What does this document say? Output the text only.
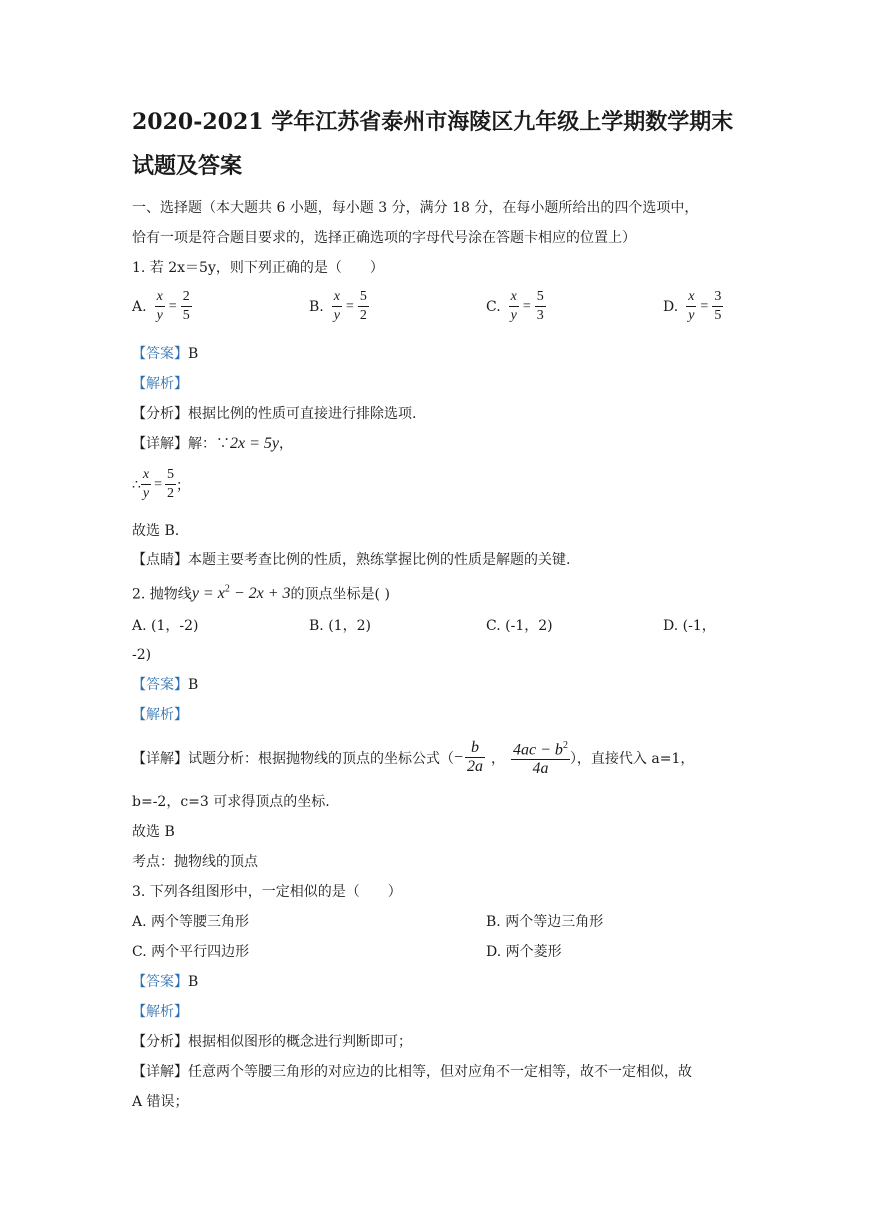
2020-2021 学年江苏省泰州市海陵区九年级上学期数学期末
试题及答案
一、选择题（本大题共 6 小题，每小题 3 分，满分 18 分，在每小题所给出的四个选项中，
恰有一项是符合题目要求的，选择正确选项的字母代号涂在答题卡相应的位置上）
1. 若 2x＝5y，则下列正确的是（　　）
A. $\frac{x}{y} = \frac{2}{5}$	B. $\frac{x}{y} = \frac{5}{2}$	C. $\frac{x}{y} = \frac{5}{3}$	D. $\frac{x}{y} = \frac{3}{5}$
【答案】B
【解析】
【分析】根据比例的性质可直接进行排除选项.
【详解】解：∵2x = 5y，
∴ $\frac{x}{y} = \frac{5}{2}$ ；
故选 B.
【点睛】本题主要考查比例的性质，熟练掌握比例的性质是解题的关键.
2. 抛物线$y = x^2 - 2x + 3$的顶点坐标是( )
A. (1，-2)	B. (1，2)	C. (-1，2)	D. (-1，
-2)
【答案】B
【解析】
【详解】 试题分析：根据抛物线的顶点的坐标公式（ − $\frac{b}{2a}$ ， $\frac{4ac - b^2}{4a}$ ），直接代入 a=1，
b=-2，c=3 可求得顶点的坐标.
故选 B
考点：抛物线的顶点
3. 下列各组图形中，一定相似的是（　　）
A. 两个等腰三角形	B. 两个等边三角形
C. 两个平行四边形	D. 两个菱形
【答案】B
【解析】
【分析】根据相似图形的概念进行判断即可；
【详解】任意两个等腰三角形的对应边的比相等，但对应角不一定相等，故不一定相似，故
A 错误；
